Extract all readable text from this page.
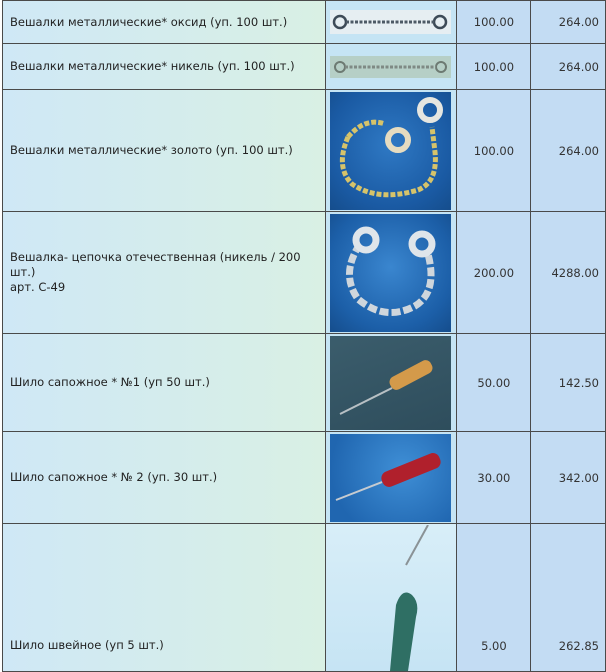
Вешалки металлические* оксид (уп. 100 шт.)		100.00	264.00
Вешалки металлические* никель (уп. 100 шт.)		100.00	264.00
Вешалки металлические* золото (уп. 100 шт.)		100.00	264.00
Вешалка- цепочка отечественная (никель / 200 шт.)
арт. С-49		200.00	4288.00
Шило сапожное * №1 (уп 50 шт.)		50.00	142.50
Шило сапожное * № 2 (уп. 30 шт.)		30.00	342.00
Шило швейное (уп 5 шт.)		5.00	262.85
